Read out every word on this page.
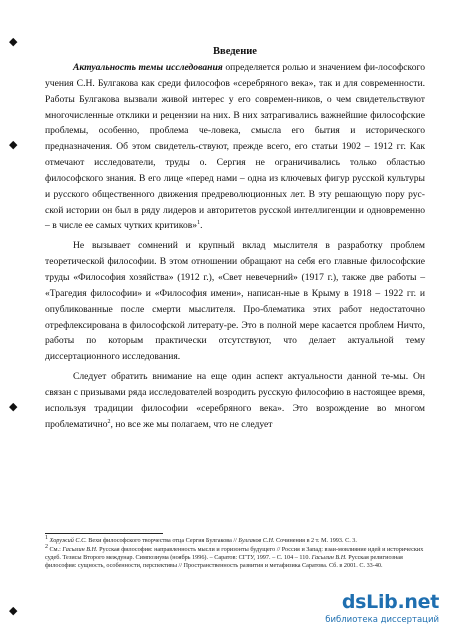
◆
◆
◆
◆
Введение
Актуальность темы исследования определяется ролью и значением фи-лософского учения С.Н. Булгакова как среди философов «серебряного века», так и для современности. Работы Булгакова вызвали живой интерес у его современ-ников, о чем свидетельствуют многочисленные отклики и рецензии на них. В них затрагивались важнейшие философские проблемы, особенно, проблема че-ловека, смысла его бытия и исторического предназначения. Об этом свидетель-ствуют, прежде всего, его статьи 1902 – 1912 гг. Как отмечают исследователи, труды о. Сергия не ограничивались только областью философского знания. В его лице «перед нами – одна из ключевых фигур русской культуры и русского общественного движения предреволюционных лет. В эту решающую пору рус-ской истории он был в ряду лидеров и авторитетов русской интеллигенции и одновременно – в числе ее самых чутких критиков»$^1$.
Не вызывает сомнений и крупный вклад мыслителя в разработку проблем теоретической философии. В этом отношении обращают на себя его главные философские труды «Философия хозяйства» (1912 г.), «Свет невечерний» (1917 г.), также две работы – «Трагедия философии» и «Философия имени», написан-ные в Крыму в 1918 – 1922 гг. и опубликованные после смерти мыслителя. Про-блематика этих работ недостаточно отрефлексирована в философской литерату-ре. Это в полной мере касается проблем Ничто, работы по которым практически отсутствуют, что делает актуальной тему диссертационного исследования.
Следует обратить внимание на еще один аспект актуальности данной те-мы. Он связан с призывами ряда исследователей возродить русскую философию в настоящее время, используя традиции философии «серебряного века». Это возрождение во многом проблематично$^2$, но все же мы полагаем, что не следует
$^1$ Хоружий С.С. Вехи философского творчества отца Сергия Булгакова // Булгаков С.Н. Сочинения в 2 т. М. 1993. С. 3.
$^2$ См.: Гасылин В.Н. Русская философия: направленность мысли и горизонты будущего // Россия и Запад: взаи-мовлияние идей и исторических судеб. Тезисы Второго междунар. Симпозиума (ноябрь 1996). – Саратов: СГТУ, 1997. – С. 104 – 110. Гасылин В.Н. Русская религиозная философия: сущность, особенности, перспективы // Пространственность развития и метафизика Саратова. Сб. в 2001. С. 33-40.
dsLib.net
библиотека диссертаций
